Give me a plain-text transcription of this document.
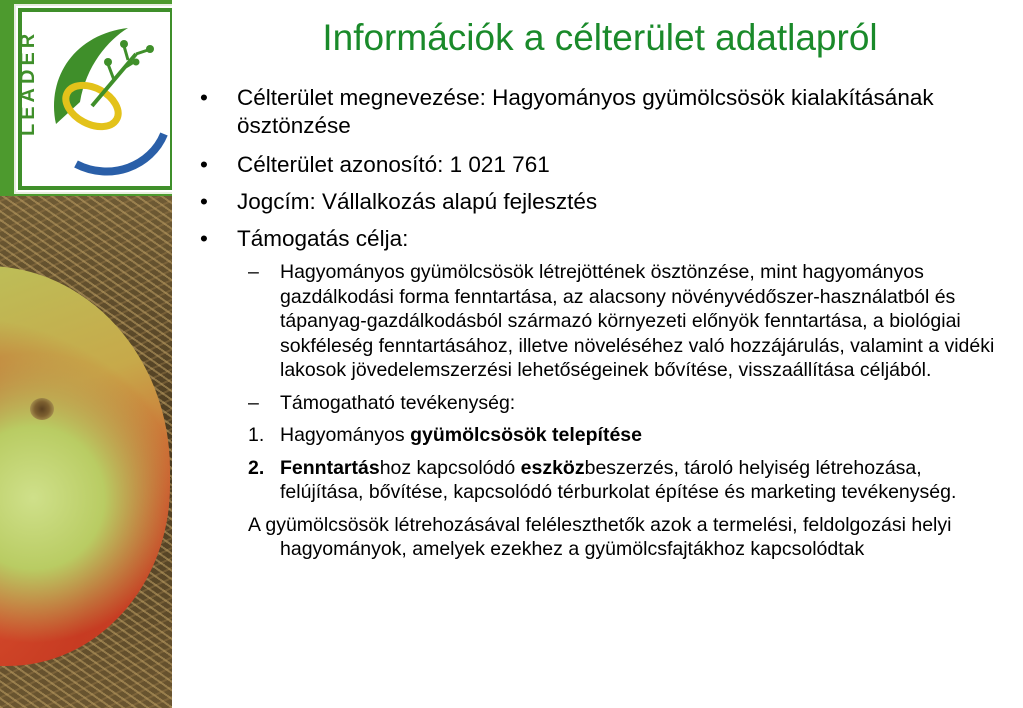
LEADER	Információk a célterület adatlapról
•	Célterület megnevezése: Hagyományos gyümölcsösök kialakításának ösztönzése
•	Célterület azonosító: 1 021 761
•	Jogcím: Vállalkozás alapú fejlesztés
•	Támogatás célja:
–	Hagyományos gyümölcsösök létrejöttének ösztönzése, mint hagyományos gazdálkodási forma fenntartása, az alacsony növényvédőszer-használatból és tápanyag-gazdálkodásból származó környezeti előnyök fenntartása, a biológiai sokféleség fenntartásához, illetve növeléséhez való hozzájárulás, valamint a vidéki lakosok jövedelemszerzési lehetőségeinek bővítése, visszaállítása céljából.
–	Támogatható tevékenység:
1. Hagyományos gyümölcsösök telepítése
2. Fenntartáshoz kapcsolódó eszközbeszerzés, tároló helyiség létrehozása, felújítása, bővítése, kapcsolódó térburkolat építése és marketing tevékenység.
A gyümölcsösök létrehozásával feléleszthetők azok a termelési, feldolgozási helyi hagyományok, amelyek ezekhez a gyümölcsfajtákhoz kapcsolódtak
